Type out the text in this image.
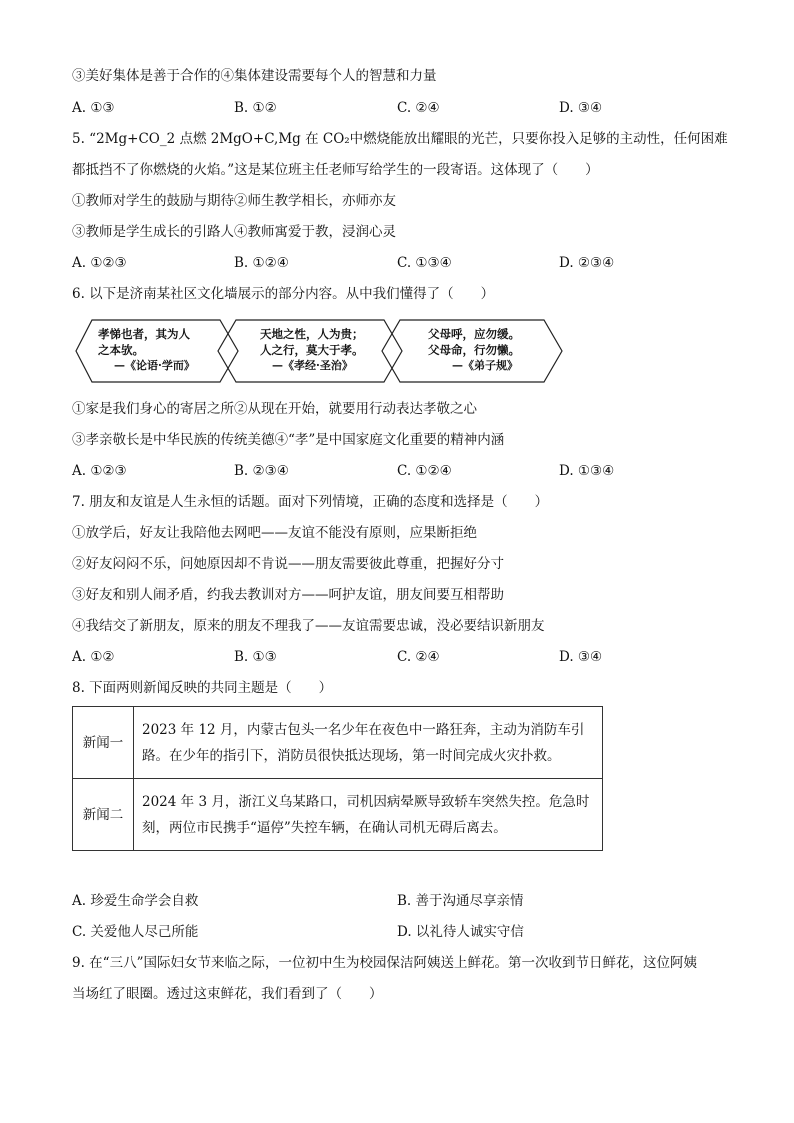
③美好集体是善于合作的④集体建设需要每个人的智慧和力量
A. ①③	B. ①②	C. ②④	D. ③④
5. “2Mg+CO_2 点燃 2MgO+C,Mg 在 CO₂中燃烧能放出耀眼的光芒，只要你投入足够的主动性，任何困难
都抵挡不了你燃烧的火焰。”这是某位班主任老师写给学生的一段寄语。这体现了（　　）
①教师对学生的鼓励与期待②师生教学相长，亦师亦友
③教师是学生成长的引路人④教师寓爱于教，浸润心灵
A. ①②③	B. ①②④	C. ①③④	D. ②③④
6. 以下是济南某社区文化墙展示的部分内容。从中我们懂得了（　　）
孝悌也者，其为人
之本欤。
—《论语·学而》
天地之性，人为贵；
人之行，莫大于孝。
—《孝经·圣治》
父母呼，应勿缓。
父母命，行勿懒。
—《弟子规》
①家是我们身心的寄居之所②从现在开始，就要用行动表达孝敬之心
③孝亲敬长是中华民族的传统美德④“孝”是中国家庭文化重要的精神内涵
A. ①②③	B. ②③④	C. ①②④	D. ①③④
7. 朋友和友谊是人生永恒的话题。面对下列情境，正确的态度和选择是（　　）
①放学后，好友让我陪他去网吧——友谊不能没有原则，应果断拒绝
②好友闷闷不乐，问她原因却不肯说——朋友需要彼此尊重，把握好分寸
③好友和别人闹矛盾，约我去教训对方——呵护友谊，朋友间要互相帮助
④我结交了新朋友，原来的朋友不理我了——友谊需要忠诚，没必要结识新朋友
A. ①②	B. ①③	C. ②④	D. ③④
8. 下面两则新闻反映的共同主题是（　　）
新闻一	2023 年 12 月，内蒙古包头一名少年在夜色中一路狂奔，主动为消防车引路。在少年的指引下，消防员很快抵达现场，第一时间完成火灾扑救。
新闻二	2024 年 3 月，浙江义乌某路口，司机因病晕厥导致轿车突然失控。危急时刻，两位市民携手“逼停”失控车辆，在确认司机无碍后离去。
A. 珍爱生命学会自救	B. 善于沟通尽享亲情
C. 关爱他人尽己所能	D. 以礼待人诚实守信
9. 在“三八”国际妇女节来临之际，一位初中生为校园保洁阿姨送上鲜花。第一次收到节日鲜花，这位阿姨
当场红了眼圈。透过这束鲜花，我们看到了（　　）
